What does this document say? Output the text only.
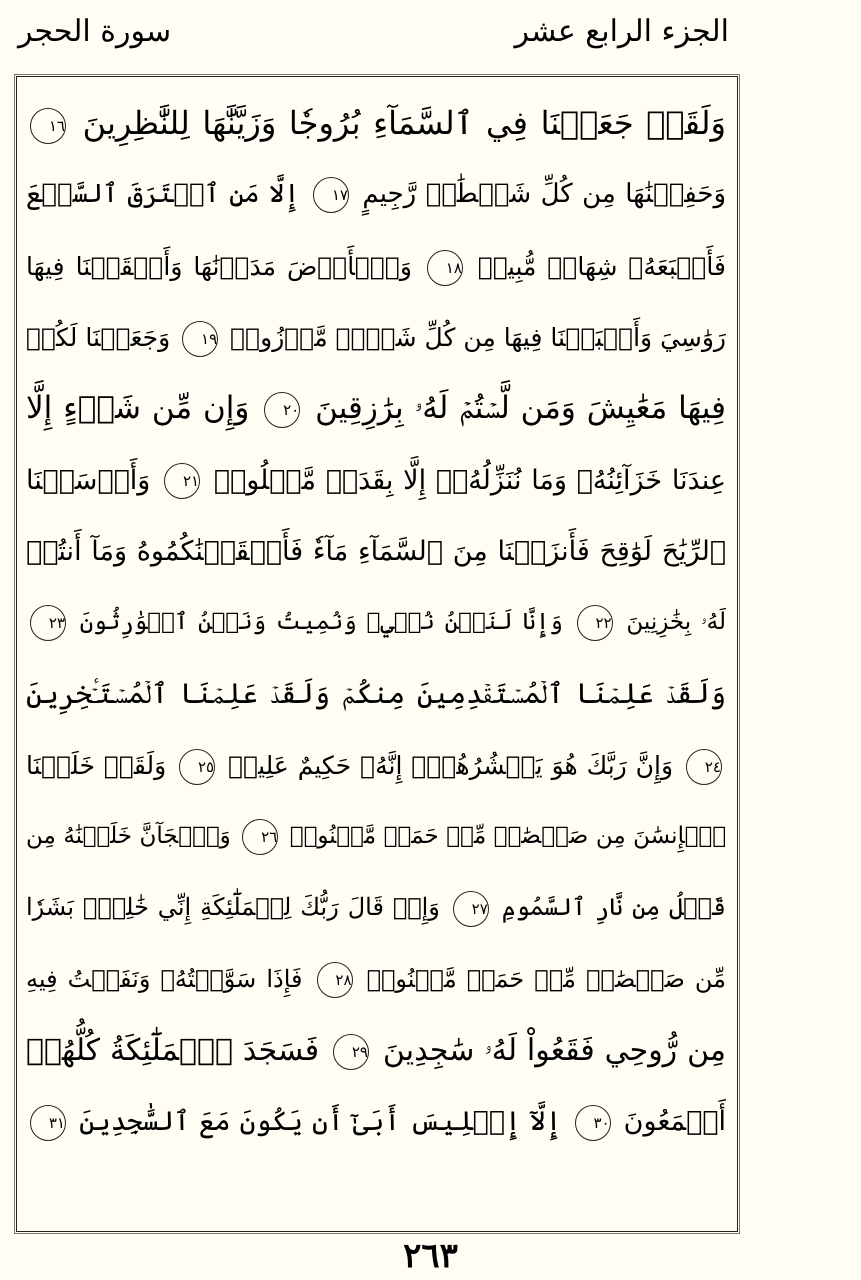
الجزء الرابع عشر
سورة الحجر
وَلَقَدۡ جَعَلۡنَا فِي ٱلسَّمَآءِ بُرُوجٗا وَزَيَّنَّٰهَا لِلنَّٰظِرِينَ ١٦
وَحَفِظۡنَٰهَا مِن كُلِّ شَيۡطَٰنٖ رَّجِيمٍ ١٧ إِلَّا مَنِ ٱسۡتَرَقَ ٱلسَّمۡعَ
فَأَتۡبَعَهُۥ شِهَابٞ مُّبِينٞ ١٨ وَٱلۡأَرۡضَ مَدَدۡنَٰهَا وَأَلۡقَيۡنَا فِيهَا
رَوَٰسِيَ وَأَنۢبَتۡنَا فِيهَا مِن كُلِّ شَيۡءٖ مَّوۡزُونٖ ١٩ وَجَعَلۡنَا لَكُمۡ
فِيهَا مَعَٰيِشَ وَمَن لَّسۡتُمۡ لَهُۥ بِرَٰزِقِينَ ٢٠ وَإِن مِّن شَيۡءٍ إِلَّا
عِندَنَا خَزَآئِنُهُۥ وَمَا نُنَزِّلُهُۥٓ إِلَّا بِقَدَرٖ مَّعۡلُومٖ ٢١ وَأَرۡسَلۡنَا
ٱلرِّيَٰحَ لَوَٰقِحَ فَأَنزَلۡنَا مِنَ ٱلسَّمَآءِ مَآءٗ فَأَسۡقَيۡنَٰكُمُوهُ وَمَآ أَنتُمۡ
لَهُۥ بِخَٰزِنِينَ ٢٢ وَإِنَّا لَنَحۡنُ نُحۡيِۦ وَنُمِيتُ وَنَحۡنُ ٱلۡوَٰرِثُونَ ٢٣
وَلَقَدۡ عَلِمۡنَا ٱلۡمُسۡتَقۡدِمِينَ مِنكُمۡ وَلَقَدۡ عَلِمۡنَا ٱلۡمُسۡتَـٔۡخِرِينَ
٢٤ وَإِنَّ رَبَّكَ هُوَ يَحۡشُرُهُمۡۚ إِنَّهُۥ حَكِيمٌ عَلِيمٞ ٢٥ وَلَقَدۡ خَلَقۡنَا
ٱلۡإِنسَٰنَ مِن صَلۡصَٰلٖ مِّنۡ حَمَإٖ مَّسۡنُونٖ ٢٦ وَٱلۡجَآنَّ خَلَقۡنَٰهُ مِن
قَبۡلُ مِن نَّارِ ٱلسَّمُومِ ٢٧ وَإِذۡ قَالَ رَبُّكَ لِلۡمَلَٰٓئِكَةِ إِنِّي خَٰلِقُۢ بَشَرٗا
مِّن صَلۡصَٰلٖ مِّنۡ حَمَإٖ مَّسۡنُونٖ ٢٨ فَإِذَا سَوَّيۡتُهُۥ وَنَفَخۡتُ فِيهِ
مِن رُّوحِي فَقَعُواْ لَهُۥ سَٰجِدِينَ ٢٩ فَسَجَدَ ٱلۡمَلَٰٓئِكَةُ كُلُّهُمۡ
أَجۡمَعُونَ ٣٠ إِلَّآ إِبۡلِيسَ أَبَىٰٓ أَن يَكُونَ مَعَ ٱلسَّٰجِدِينَ ٣١
٢٦٣
